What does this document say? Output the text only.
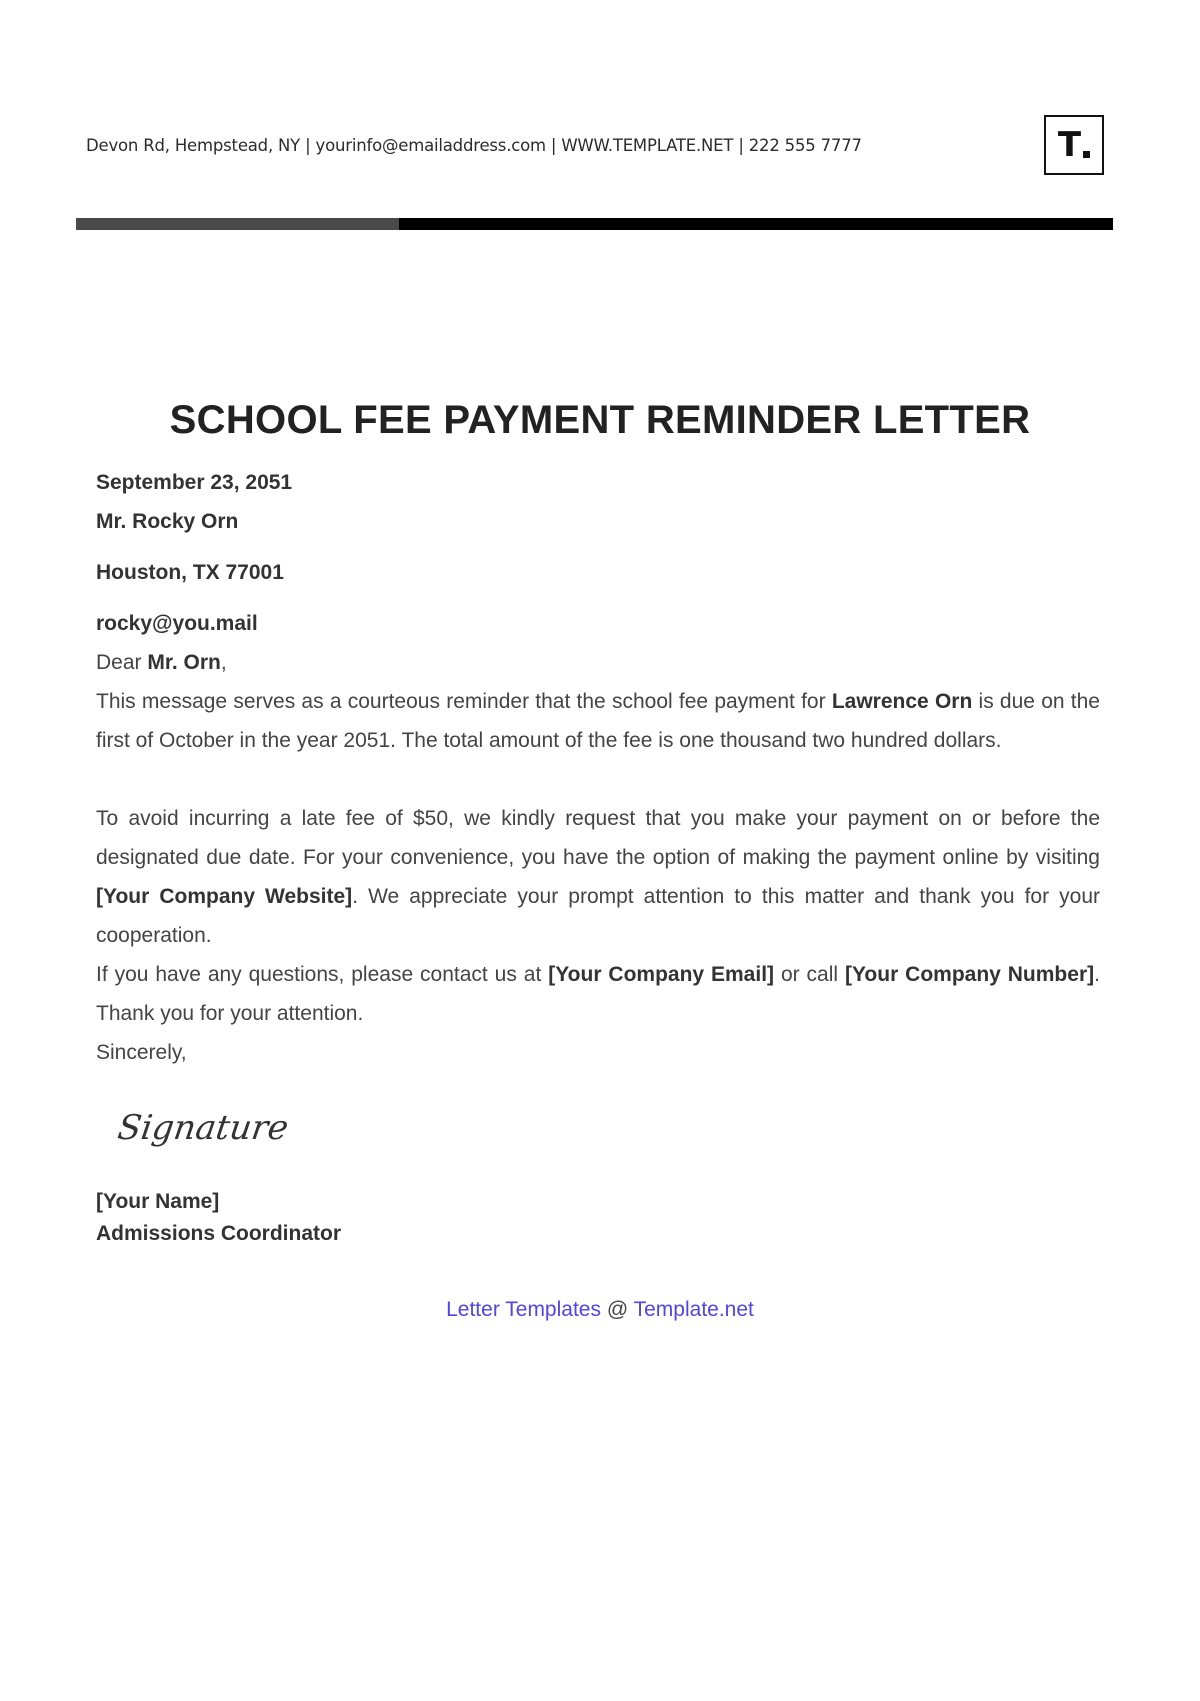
Devon Rd, Hempstead, NY | yourinfo@emailaddress.com | WWW.TEMPLATE.NET | 222 555 7777	T
SCHOOL FEE PAYMENT REMINDER LETTER
September 23, 2051
Mr. Rocky Orn
Houston, TX 77001
rocky@you.mail
Dear Mr. Orn,
This message serves as a courteous reminder that the school fee payment for Lawrence Orn is due on the first of October in the year 2051. The total amount of the fee is one thousand two hundred dollars.
To avoid incurring a late fee of $50, we kindly request that you make your payment on or before the designated due date. For your convenience, you have the option of making the payment online by visiting [Your Company Website]. We appreciate your prompt attention to this matter and thank you for your cooperation.
If you have any questions, please contact us at [Your Company Email] or call [Your Company Number]. Thank you for your attention.
Sincerely,
Signature
[Your Name]
Admissions Coordinator
Letter Templates @ Template.net
